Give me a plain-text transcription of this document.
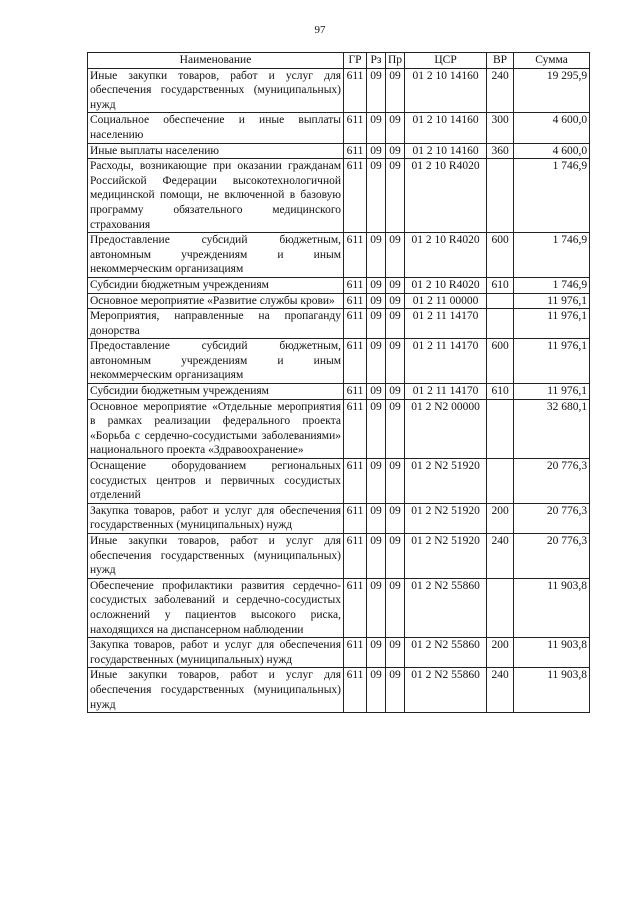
97
Наименование	ГР	Рз	Пр	ЦСР	ВР	Сумма
Иные закупки товаров, работ и услуг для обеспечения государственных (муниципальных) нужд	611	09	09	01 2 10 14160	240	19 295,9
Социальное обеспечение и иные выплаты населению	611	09	09	01 2 10 14160	300	4 600,0
Иные выплаты населению	611	09	09	01 2 10 14160	360	4 600,0
Расходы, возникающие при оказании гражданам Российской Федерации высокотехнологичной медицинской помощи, не включенной в базовую программу обязательного медицинского страхования	611	09	09	01 2 10 R4020		1 746,9
Предоставление субсидий бюджетным, автономным учреждениям и иным некоммерческим организациям	611	09	09	01 2 10 R4020	600	1 746,9
Субсидии бюджетным учреждениям	611	09	09	01 2 10 R4020	610	1 746,9
Основное мероприятие «Развитие службы крови»	611	09	09	01 2 11 00000		11 976,1
Мероприятия, направленные на пропаганду донорства	611	09	09	01 2 11 14170		11 976,1
Предоставление субсидий бюджетным, автономным учреждениям и иным некоммерческим организациям	611	09	09	01 2 11 14170	600	11 976,1
Субсидии бюджетным учреждениям	611	09	09	01 2 11 14170	610	11 976,1
Основное мероприятие «Отдельные мероприятия в рамках реализации федерального проекта «Борьба с сердечно-сосудистыми заболеваниями» национального проекта «Здравоохранение»	611	09	09	01 2 N2 00000		32 680,1
Оснащение оборудованием региональных сосудистых центров и первичных сосудистых отделений	611	09	09	01 2 N2 51920		20 776,3
Закупка товаров, работ и услуг для обеспечения государственных (муниципальных) нужд	611	09	09	01 2 N2 51920	200	20 776,3
Иные закупки товаров, работ и услуг для обеспечения государственных (муниципальных) нужд	611	09	09	01 2 N2 51920	240	20 776,3
Обеспечение профилактики развития сердечно-сосудистых заболеваний и сердечно-сосудистых осложнений у пациентов высокого риска, находящихся на диспансерном наблюдении	611	09	09	01 2 N2 55860		11 903,8
Закупка товаров, работ и услуг для обеспечения государственных (муниципальных) нужд	611	09	09	01 2 N2 55860	200	11 903,8
Иные закупки товаров, работ и услуг для обеспечения государственных (муниципальных) нужд	611	09	09	01 2 N2 55860	240	11 903,8
